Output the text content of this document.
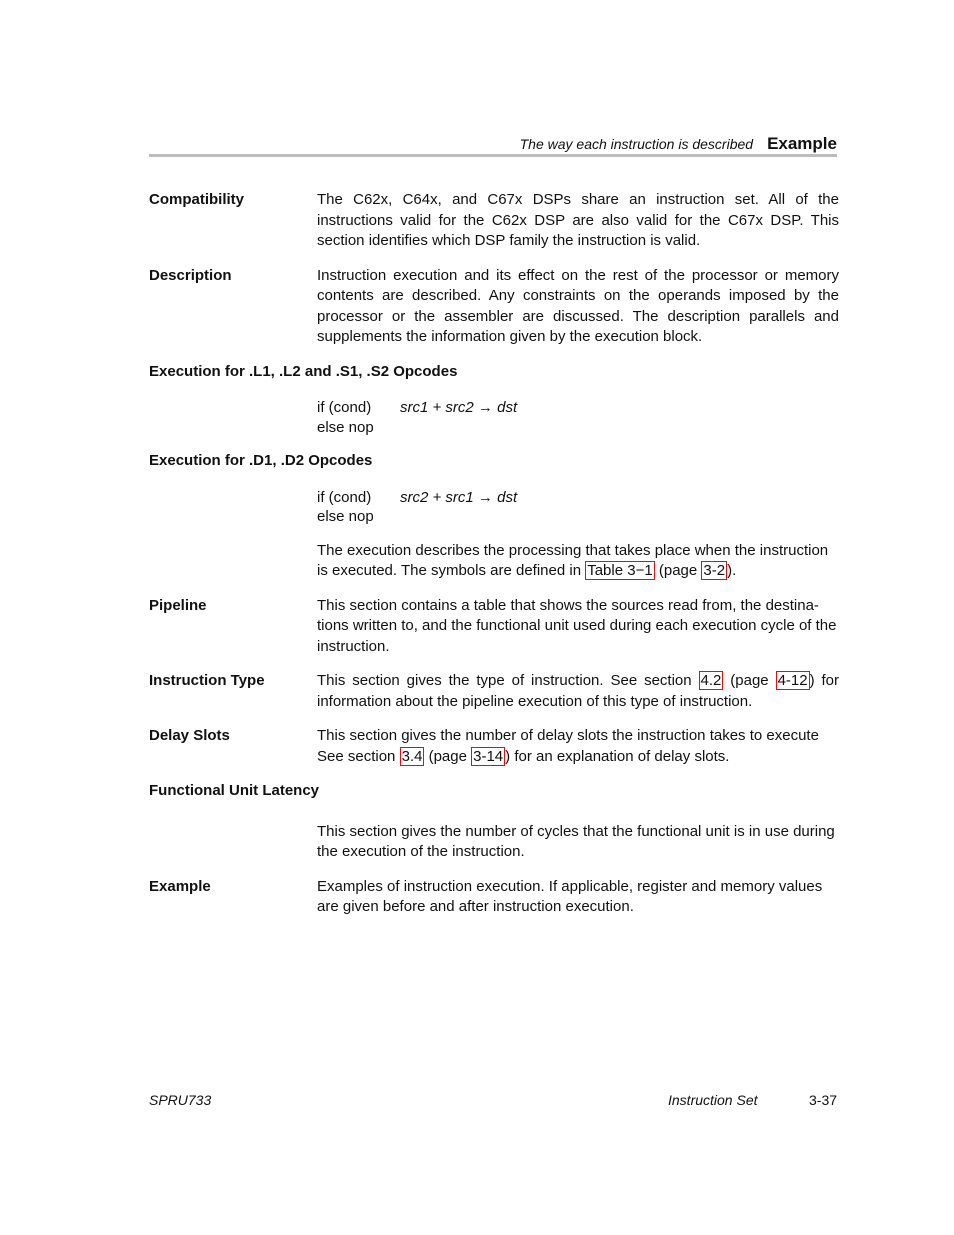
The way each instruction is described Example
Compatibility	The C62x, C64x, and C67x DSPs share an instruction set. All of the instructions valid for the C62x DSP are also valid for the C67x DSP. This section identifies which DSP family the instruction is valid.
Description	Instruction execution and its effect on the rest of the processor or memory contents are described. Any constraints on the operands imposed by the processor or the assembler are discussed. The description parallels and supplements the information given by the execution block.
Execution for .L1, .L2 and .S1, .S2 Opcodes
if (cond) src1 + src2 → dst
else nop
Execution for .D1, .D2 Opcodes
if (cond) src2 + src1 → dst
else nop
The execution describes the processing that takes place when the instruction is executed. The symbols are defined in Table 3−1 (page 3-2 ).
Pipeline	This section contains a table that shows the sources read from, the destina-tions written to, and the functional unit used during each execution cycle of the instruction.
Instruction Type	This section gives the type of instruction. See section 4.2 (page 4-12 ) for information about the pipeline execution of this type of instruction.
Delay Slots	This section gives the number of delay slots the instruction takes to execute See section 3.4 (page 3-14 ) for an explanation of delay slots.
Functional Unit Latency
This section gives the number of cycles that the functional unit is in use during the execution of the instruction.
Example	Examples of instruction execution. If applicable, register and memory values are given before and after instruction execution.
SPRU733	Instruction Set	3-37
